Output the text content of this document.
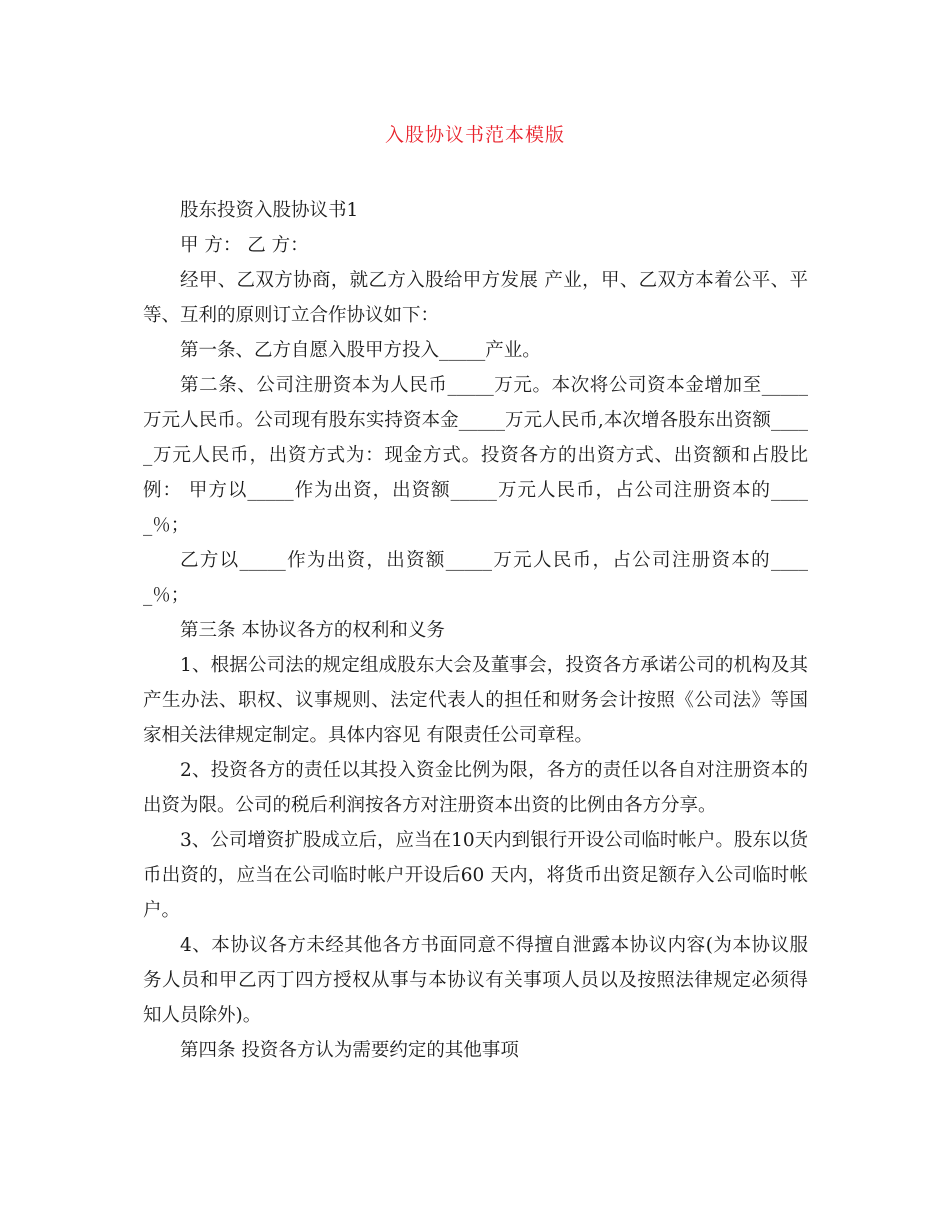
入股协议书范本模版

股东投资入股协议书1

甲 方： 乙 方：

经甲、乙双方协商，就乙方入股给甲方发展 产业，甲、乙双方本着公平、平等、互利的原则订立合作协议如下：

第一条、乙方自愿入股甲方投入_____产业。

第二条、公司注册资本为人民币_____万元。本次将公司资本金增加至_____万元人民币。公司现有股东实持资本金_____万元人民币,本次增各股东出资额_____万元人民币，出资方式为：现金方式。投资各方的出资方式、出资额和占股比例： 甲方以_____作为出资，出资额_____万元人民币，占公司注册资本的_____％；

乙方以_____作为出资，出资额_____万元人民币，占公司注册资本的_____％；

第三条 本协议各方的权利和义务

1、根据公司法的规定组成股东大会及董事会，投资各方承诺公司的机构及其产生办法、职权、议事规则、法定代表人的担任和财务会计按照《公司法》等国家相关法律规定制定。具体内容见 有限责任公司章程。

2、投资各方的责任以其投入资金比例为限，各方的责任以各自对注册资本的出资为限。公司的税后利润按各方对注册资本出资的比例由各方分享。

3、公司增资扩股成立后，应当在10天内到银行开设公司临时帐户。股东以货币出资的，应当在公司临时帐户开设后60 天内，将货币出资足额存入公司临时帐户。

4、本协议各方未经其他各方书面同意不得擅自泄露本协议内容(为本协议服务人员和甲乙丙丁四方授权从事与本协议有关事项人员以及按照法律规定必须得知人员除外)。

第四条 投资各方认为需要约定的其他事项
